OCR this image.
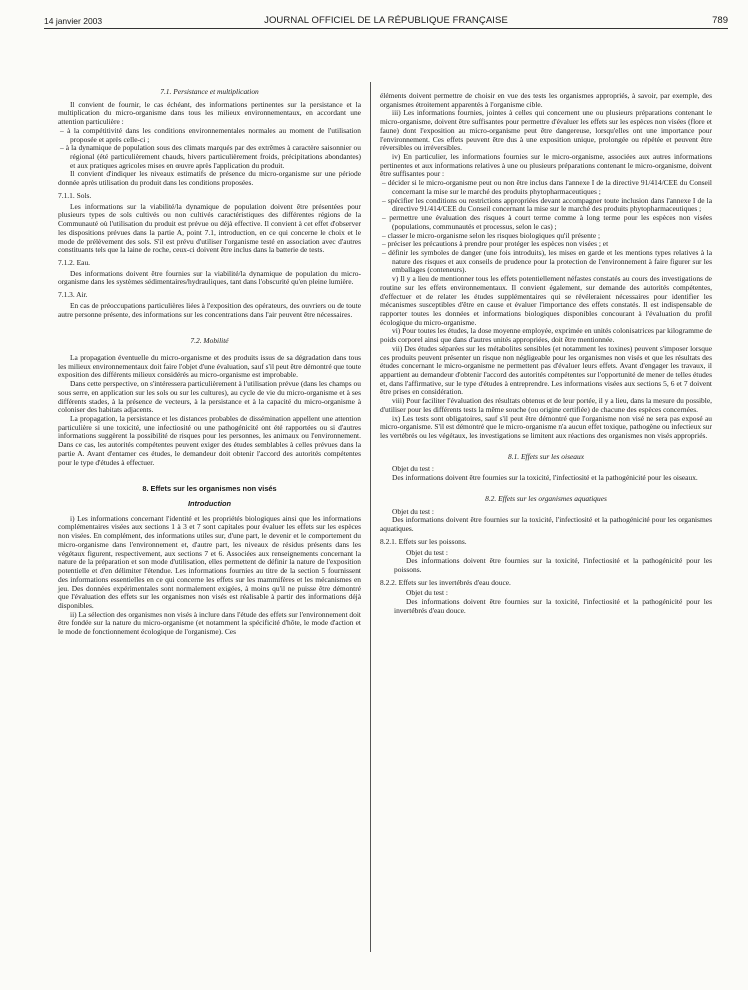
14 janvier 2003	JOURNAL OFFICIEL DE LA RÉPUBLIQUE FRANÇAISE	789
7.1. Persistance et multiplication

Il convient de fournir, le cas échéant, des informations pertinentes sur la persistance et la multiplication du micro-organisme dans tous les milieux environnementaux, en accordant une attention particulière :

– à la compétitivité dans les conditions environnementales normales au moment de l'utilisation proposée et après celle-ci ;

– à la dynamique de population sous des climats marqués par des extrêmes à caractère saisonnier ou régional (été particulièrement chauds, hivers particulièrement froids, précipitations abondantes) et aux pratiques agricoles mises en œuvre après l'application du produit.

Il convient d'indiquer les niveaux estimatifs de présence du micro-organisme sur une période donnée après utilisation du produit dans les conditions proposées.

7.1.1. Sols.

Les informations sur la viabilité/la dynamique de population doivent être présentées pour plusieurs types de sols cultivés ou non cultivés caractéristiques des différentes régions de la Communauté où l'utilisation du produit est prévue ou déjà effective. Il convient à cet effet d'observer les dispositions prévues dans la partie A, point 7.1, introduction, en ce qui concerne le choix et le mode de prélèvement des sols. S'il est prévu d'utiliser l'organisme testé en association avec d'autres constituants tels que la laine de roche, ceux-ci doivent être inclus dans la batterie de tests.

7.1.2. Eau.

Des informations doivent être fournies sur la viabilité/la dynamique de population du micro-organisme dans les systèmes sédimentaires/hydrauliques, tant dans l'obscurité qu'en pleine lumière.

7.1.3. Air.

En cas de préoccupations particulières liées à l'exposition des opérateurs, des ouvriers ou de toute autre personne présente, des informations sur les concentrations dans l'air peuvent être nécessaires.

7.2. Mobilité

La propagation éventuelle du micro-organisme et des produits issus de sa dégradation dans tous les milieux environnementaux doit faire l'objet d'une évaluation, sauf s'il peut être démontré que toute exposition des différents milieux considérés au micro-organisme est improbable.

Dans cette perspective, on s'intéressera particulièrement à l'utilisation prévue (dans les champs ou sous serre, en application sur les sols ou sur les cultures), au cycle de vie du micro-organisme et à ses différents stades, à la présence de vecteurs, à la persistance et à la capacité du micro-organisme à coloniser des habitats adjacents.

La propagation, la persistance et les distances probables de dissémination appellent une attention particulière si une toxicité, une infectiosité ou une pathogénicité ont été rapportées ou si d'autres informations suggèrent la possibilité de risques pour les personnes, les animaux ou l'environnement. Dans ce cas, les autorités compétentes peuvent exiger des études semblables à celles prévues dans la partie A. Avant d'entamer ces études, le demandeur doit obtenir l'accord des autorités compétentes pour le type d'études à effectuer.

8. Effets sur les organismes non visés
Introduction

i) Les informations concernant l'identité et les propriétés biologiques ainsi que les informations complémentaires visées aux sections 1 à 3 et 7 sont capitales pour évaluer les effets sur les espèces non visées. En complément, des informations utiles sur, d'une part, le devenir et le comportement du micro-organisme dans l'environnement et, d'autre part, les niveaux de résidus présents dans les végétaux figurent, respectivement, aux sections 7 et 6. Associées aux renseignements concernant la nature de la préparation et son mode d'utilisation, elles permettent de définir la nature de l'exposition potentielle et d'en délimiter l'étendue. Les informations fournies au titre de la section 5 fournissent des informations essentielles en ce qui concerne les effets sur les mammifères et les mécanismes en jeu. Des données expérimentales sont normalement exigées, à moins qu'il ne puisse être démontré que l'évaluation des effets sur les organismes non visés est réalisable à partir des informations déjà disponibles.

ii) La sélection des organismes non visés à inclure dans l'étude des effets sur l'environnement doit être fondée sur la nature du micro-organisme (et notamment la spécificité d'hôte, le mode d'action et le mode de fonctionnement écologique de l'organisme). Ces

éléments doivent permettre de choisir en vue des tests les organismes appropriés, à savoir, par exemple, des organismes étroitement apparentés à l'organisme cible.

iii) Les informations fournies, jointes à celles qui concernent une ou plusieurs préparations contenant le micro-organisme, doivent être suffisantes pour permettre d'évaluer les effets sur les espèces non visées (flore et faune) dont l'exposition au micro-organisme peut être dangereuse, lorsqu'elles ont une importance pour l'environnement. Ces effets peuvent être dus à une exposition unique, prolongée ou répétée et peuvent être réversibles ou irréversibles.

iv) En particulier, les informations fournies sur le micro-organisme, associées aux autres informations pertinentes et aux informations relatives à une ou plusieurs préparations contenant le micro-organisme, doivent être suffisantes pour :

– décider si le micro-organisme peut ou non être inclus dans l'annexe I de la directive 91/414/CEE du Conseil concernant la mise sur le marché des produits phytopharmaceutiques ;

– spécifier les conditions ou restrictions appropriées devant accompagner toute inclusion dans l'annexe I de la directive 91/414/CEE du Conseil concernant la mise sur le marché des produits phytopharmaceutiques ;

– permettre une évaluation des risques à court terme comme à long terme pour les espèces non visées (populations, communautés et processus, selon le cas) ;

– classer le micro-organisme selon les risques biologiques qu'il présente ;

– préciser les précautions à prendre pour protéger les espèces non visées ; et

– définir les symboles de danger (une fois introduits), les mises en garde et les mentions types relatives à la nature des risques et aux conseils de prudence pour la protection de l'environnement à faire figurer sur les emballages (conteneurs).

v) Il y a lieu de mentionner tous les effets potentiellement néfastes constatés au cours des investigations de routine sur les effets environnementaux. Il convient également, sur demande des autorités compétentes, d'effectuer et de relater les études supplémentaires qui se révéleraient nécessaires pour identifier les mécanismes susceptibles d'être en cause et évaluer l'importance des effets constatés. Il est indispensable de rapporter toutes les données et informations biologiques disponibles concourant à l'évaluation du profil écologique du micro-organisme.

vi) Pour toutes les études, la dose moyenne employée, exprimée en unités colonisatrices par kilogramme de poids corporel ainsi que dans d'autres unités appropriées, doit être mentionnée.

vii) Des études séparées sur les métabolites sensibles (et notamment les toxines) peuvent s'imposer lorsque ces produits peuvent présenter un risque non négligeable pour les organismes non visés et que les résultats des études concernant le micro-organisme ne permettent pas d'évaluer leurs effets. Avant d'engager les travaux, il appartient au demandeur d'obtenir l'accord des autorités compétentes sur l'opportunité de mener de telles études et, dans l'affirmative, sur le type d'études à entreprendre. Les informations visées aux sections 5, 6 et 7 doivent être prises en considération.

viii) Pour faciliter l'évaluation des résultats obtenus et de leur portée, il y a lieu, dans la mesure du possible, d'utiliser pour les différents tests la même souche (ou origine certifiée) de chacune des espèces concernées.

ix) Les tests sont obligatoires, sauf s'il peut être démontré que l'organisme non visé ne sera pas exposé au micro-organisme. S'il est démontré que le micro-organisme n'a aucun effet toxique, pathogène ou infectieux sur les vertébrés ou les végétaux, les investigations se limitent aux réactions des organismes non visés appropriés.

8.1. Effets sur les oiseaux

Objet du test :

Des informations doivent être fournies sur la toxicité, l'infectiosité et la pathogénicité pour les oiseaux.

8.2. Effets sur les organismes aquatiques

Objet du test :

Des informations doivent être fournies sur la toxicité, l'infectiosité et la pathogénicité pour les organismes aquatiques.

8.2.1. Effets sur les poissons.

Objet du test :

Des informations doivent être fournies sur la toxicité, l'infectiosité et la pathogénicité pour les poissons.

8.2.2. Effets sur les invertébrés d'eau douce.

Objet du test :

Des informations doivent être fournies sur la toxicité, l'infectiosité et la pathogénicité pour les invertébrés d'eau douce.
